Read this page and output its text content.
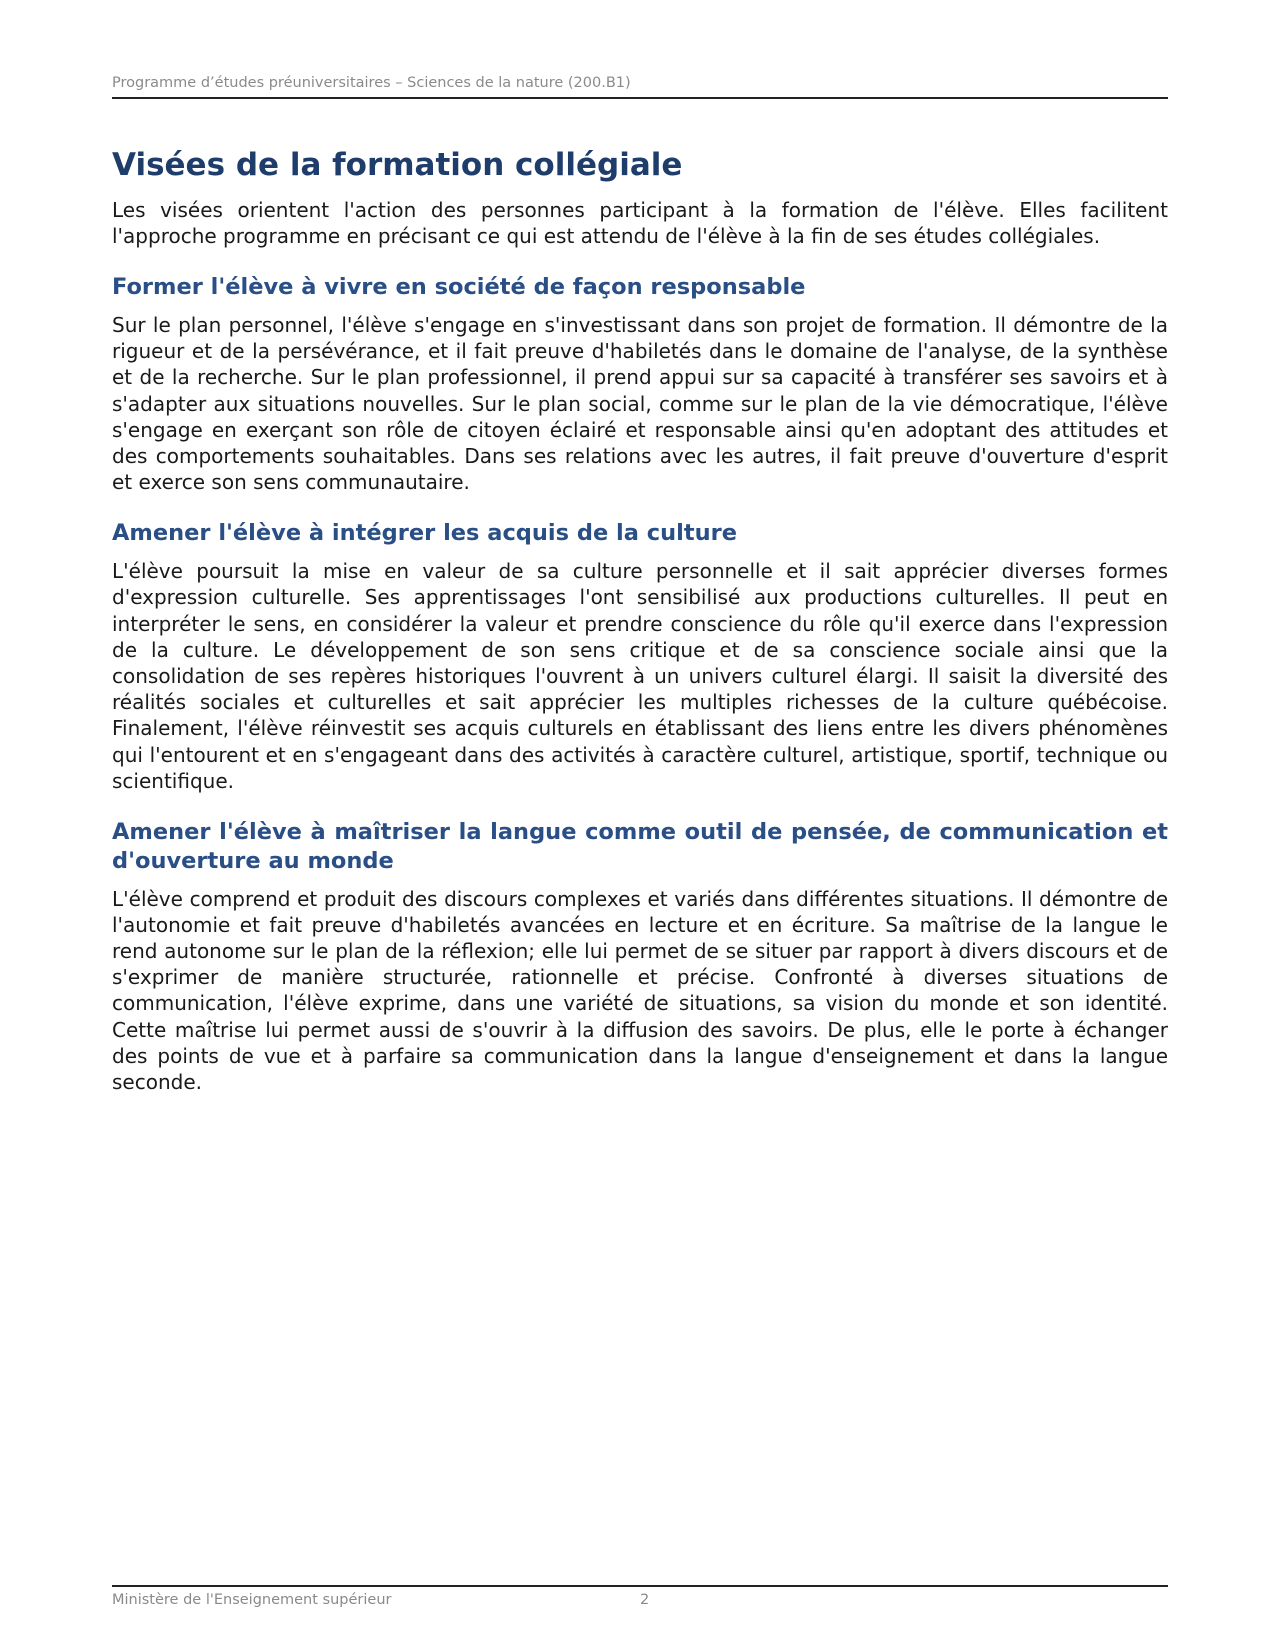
Programme d’études préuniversitaires – Sciences de la nature (200.B1)
Visées de la formation collégiale

Les visées orientent l'action des personnes participant à la formation de l'élève. Elles facilitent l'approche programme en précisant ce qui est attendu de l'élève à la fin de ses études collégiales.

Former l'élève à vivre en société de façon responsable

Sur le plan personnel, l'élève s'engage en s'investissant dans son projet de formation. Il démontre de la rigueur et de la persévérance, et il fait preuve d'habiletés dans le domaine de l'analyse, de la synthèse et de la recherche. Sur le plan professionnel, il prend appui sur sa capacité à transférer ses savoirs et à s'adapter aux situations nouvelles. Sur le plan social, comme sur le plan de la vie démocratique, l'élève s'engage en exerçant son rôle de citoyen éclairé et responsable ainsi qu'en adoptant des attitudes et des comportements souhaitables. Dans ses relations avec les autres, il fait preuve d'ouverture d'esprit et exerce son sens communautaire.

Amener l'élève à intégrer les acquis de la culture

L'élève poursuit la mise en valeur de sa culture personnelle et il sait apprécier diverses formes d'expression culturelle. Ses apprentissages l'ont sensibilisé aux productions culturelles. Il peut en interpréter le sens, en considérer la valeur et prendre conscience du rôle qu'il exerce dans l'expression de la culture. Le développement de son sens critique et de sa conscience sociale ainsi que la consolidation de ses repères historiques l'ouvrent à un univers culturel élargi. Il saisit la diversité des réalités sociales et culturelles et sait apprécier les multiples richesses de la culture québécoise. Finalement, l'élève réinvestit ses acquis culturels en établissant des liens entre les divers phénomènes qui l'entourent et en s'engageant dans des activités à caractère culturel, artistique, sportif, technique ou scientifique.

Amener l'élève à maîtriser la langue comme outil de pensée, de communication et d'ouverture au monde

L'élève comprend et produit des discours complexes et variés dans différentes situations. Il démontre de l'autonomie et fait preuve d'habiletés avancées en lecture et en écriture. Sa maîtrise de la langue le rend autonome sur le plan de la réflexion; elle lui permet de se situer par rapport à divers discours et de s'exprimer de manière structurée, rationnelle et précise. Confronté à diverses situations de communication, l'élève exprime, dans une variété de situations, sa vision du monde et son identité. Cette maîtrise lui permet aussi de s'ouvrir à la diffusion des savoirs. De plus, elle le porte à échanger des points de vue et à parfaire sa communication dans la langue d'enseignement et dans la langue seconde.

Ministère de l'Enseignement supérieur	2
